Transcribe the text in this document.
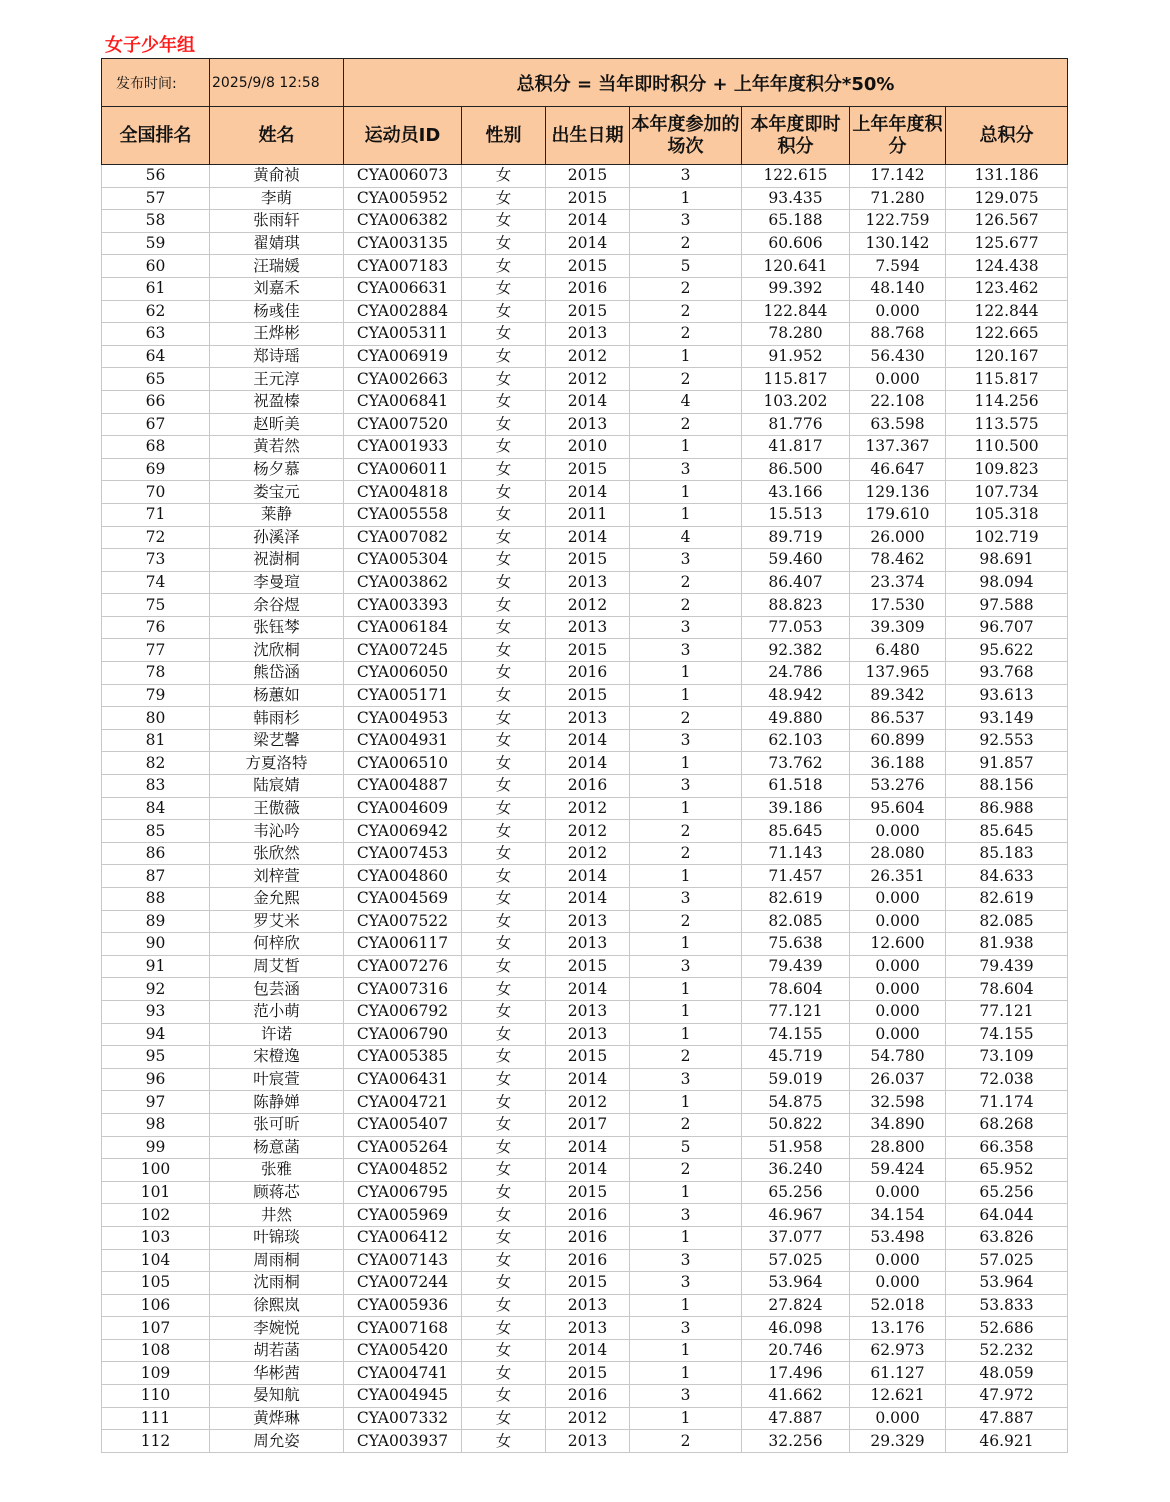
女子少年组
发布时间:	2025/9/8 12:58	总积分 = 当年即时积分 + 上年年度积分*50%						
全国排名	姓名	运动员ID	性别	出生日期	本年度参加的场次	本年度即时积分	上年年度积分	总积分
56	黄俞祯	CYA006073	女	2015	3	122.615	17.142	131.186
57	李萌	CYA005952	女	2015	1	93.435	71.280	129.075
58	张雨轩	CYA006382	女	2014	3	65.188	122.759	126.567
59	翟婧琪	CYA003135	女	2014	2	60.606	130.142	125.677
60	汪瑞媛	CYA007183	女	2015	5	120.641	7.594	124.438
61	刘嘉禾	CYA006631	女	2016	2	99.392	48.140	123.462
62	杨彧佳	CYA002884	女	2015	2	122.844	0.000	122.844
63	王烨彬	CYA005311	女	2013	2	78.280	88.768	122.665
64	郑诗瑶	CYA006919	女	2012	1	91.952	56.430	120.167
65	王元淳	CYA002663	女	2012	2	115.817	0.000	115.817
66	祝盈榛	CYA006841	女	2014	4	103.202	22.108	114.256
67	赵昕美	CYA007520	女	2013	2	81.776	63.598	113.575
68	黄若然	CYA001933	女	2010	1	41.817	137.367	110.500
69	杨夕慕	CYA006011	女	2015	3	86.500	46.647	109.823
70	娄宝元	CYA004818	女	2014	1	43.166	129.136	107.734
71	莱静	CYA005558	女	2011	1	15.513	179.610	105.318
72	孙溪泽	CYA007082	女	2014	4	89.719	26.000	102.719
73	祝澍桐	CYA005304	女	2015	3	59.460	78.462	98.691
74	李曼瑄	CYA003862	女	2013	2	86.407	23.374	98.094
75	余谷煜	CYA003393	女	2012	2	88.823	17.530	97.588
76	张钰棽	CYA006184	女	2013	3	77.053	39.309	96.707
77	沈欣桐	CYA007245	女	2015	3	92.382	6.480	95.622
78	熊岱涵	CYA006050	女	2016	1	24.786	137.965	93.768
79	杨蕙如	CYA005171	女	2015	1	48.942	89.342	93.613
80	韩雨杉	CYA004953	女	2013	2	49.880	86.537	93.149
81	梁艺馨	CYA004931	女	2014	3	62.103	60.899	92.553
82	方夏洛特	CYA006510	女	2014	1	73.762	36.188	91.857
83	陆宸婧	CYA004887	女	2016	3	61.518	53.276	88.156
84	王傲薇	CYA004609	女	2012	1	39.186	95.604	86.988
85	韦沁吟	CYA006942	女	2012	2	85.645	0.000	85.645
86	张欣然	CYA007453	女	2012	2	71.143	28.080	85.183
87	刘梓萱	CYA004860	女	2014	1	71.457	26.351	84.633
88	金允熙	CYA004569	女	2014	3	82.619	0.000	82.619
89	罗艾米	CYA007522	女	2013	2	82.085	0.000	82.085
90	何梓欣	CYA006117	女	2013	1	75.638	12.600	81.938
91	周艾皙	CYA007276	女	2015	3	79.439	0.000	79.439
92	包芸涵	CYA007316	女	2014	1	78.604	0.000	78.604
93	范小萌	CYA006792	女	2013	1	77.121	0.000	77.121
94	许诺	CYA006790	女	2013	1	74.155	0.000	74.155
95	宋橙逸	CYA005385	女	2015	2	45.719	54.780	73.109
96	叶宸萱	CYA006431	女	2014	3	59.019	26.037	72.038
97	陈静婵	CYA004721	女	2012	1	54.875	32.598	71.174
98	张可昕	CYA005407	女	2017	2	50.822	34.890	68.268
99	杨意菡	CYA005264	女	2014	5	51.958	28.800	66.358
100	张雅	CYA004852	女	2014	2	36.240	59.424	65.952
101	顾蒋芯	CYA006795	女	2015	1	65.256	0.000	65.256
102	井然	CYA005969	女	2016	3	46.967	34.154	64.044
103	叶锦琰	CYA006412	女	2016	1	37.077	53.498	63.826
104	周雨桐	CYA007143	女	2016	3	57.025	0.000	57.025
105	沈雨桐	CYA007244	女	2015	3	53.964	0.000	53.964
106	徐熙岚	CYA005936	女	2013	1	27.824	52.018	53.833
107	李婉悦	CYA007168	女	2013	3	46.098	13.176	52.686
108	胡若菡	CYA005420	女	2014	1	20.746	62.973	52.232
109	华彬茜	CYA004741	女	2015	1	17.496	61.127	48.059
110	晏知航	CYA004945	女	2016	3	41.662	12.621	47.972
111	黄烨琳	CYA007332	女	2012	1	47.887	0.000	47.887
112	周允姿	CYA003937	女	2013	2	32.256	29.329	46.921
